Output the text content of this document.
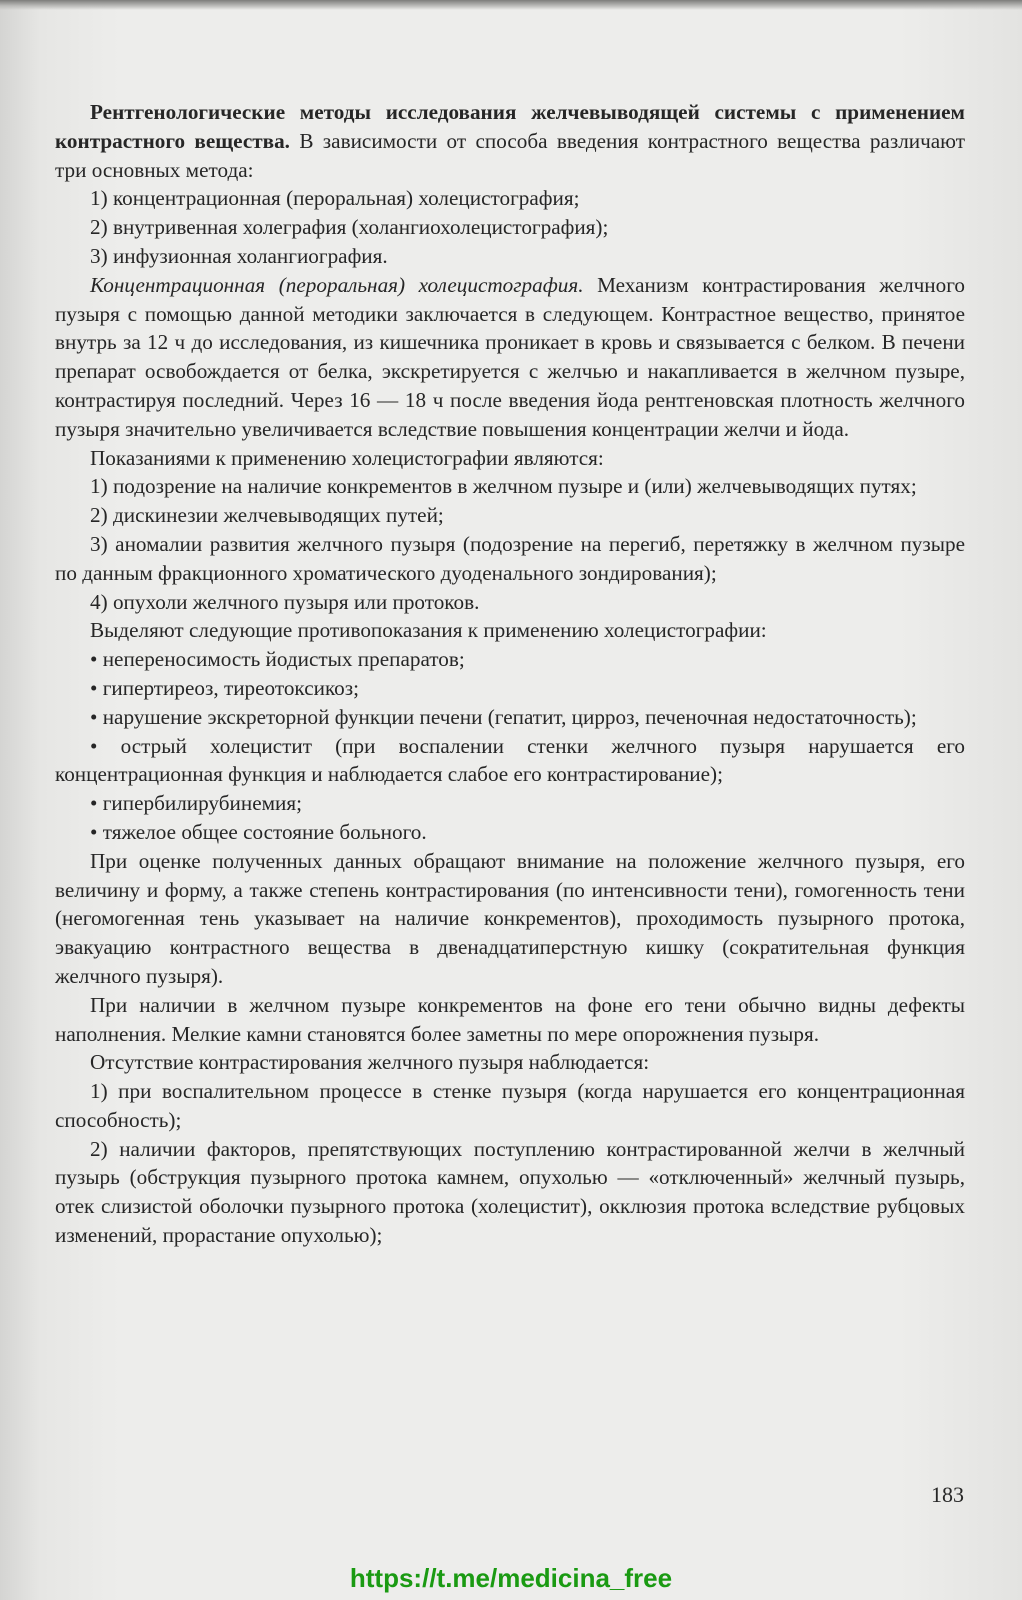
Рентгенологические методы исследования желчевыводящей системы с применением контрастного вещества. В зависимости от способа введения контрастного вещества различают три основных метода:

1) концентрационная (пероральная) холецистография;

2) внутривенная холеграфия (холангиохолецистография);

3) инфузионная холангиография.

Концентрационная (пероральная) холецистография. Механизм контрастирования желчного пузыря с помощью данной методики заключается в следующем. Контрастное вещество, принятое внутрь за 12 ч до исследования, из кишечника проникает в кровь и связывается с белком. В печени препарат освобождается от белка, экскретируется с желчью и накапливается в желчном пузыре, контрастируя последний. Через 16 — 18 ч после введения йода рентгеновская плотность желчного пузыря значительно увеличивается вследствие повышения концентрации желчи и йода.

Показаниями к применению холецистографии являются:

1) подозрение на наличие конкрементов в желчном пузыре и (или) желчевыводящих путях;

2) дискинезии желчевыводящих путей;

3) аномалии развития желчного пузыря (подозрение на перегиб, перетяжку в желчном пузыре по данным фракционного хроматического дуоденального зондирования);

4) опухоли желчного пузыря или протоков.

Выделяют следующие противопоказания к применению холецистографии:

• непереносимость йодистых препаратов;

• гипертиреоз, тиреотоксикоз;

• нарушение экскреторной функции печени (гепатит, цирроз, печеночная недостаточность);

• острый холецистит (при воспалении стенки желчного пузыря нарушается его концентрационная функция и наблюдается слабое его контрастирование);

• гипербилирубинемия;

• тяжелое общее состояние больного.

При оценке полученных данных обращают внимание на положение желчного пузыря, его величину и форму, а также степень контрастирования (по интенсивности тени), гомогенность тени (негомогенная тень указывает на наличие конкрементов), проходимость пузырного протока, эвакуацию контрастного вещества в двенадцатиперстную кишку (сократительная функция желчного пузыря).

При наличии в желчном пузыре конкрементов на фоне его тени обычно видны дефекты наполнения. Мелкие камни становятся более заметны по мере опорожнения пузыря.

Отсутствие контрастирования желчного пузыря наблюдается:

1) при воспалительном процессе в стенке пузыря (когда нарушается его концентрационная способность);

2) наличии факторов, препятствующих поступлению контрастированной желчи в желчный пузырь (обструкция пузырного протока камнем, опухолью — «отключенный» желчный пузырь, отек слизистой оболочки пузырного протока (холецистит), окклюзия протока вследствие рубцовых изменений, прорастание опухолью);

183
https://t.me/medicina_free
